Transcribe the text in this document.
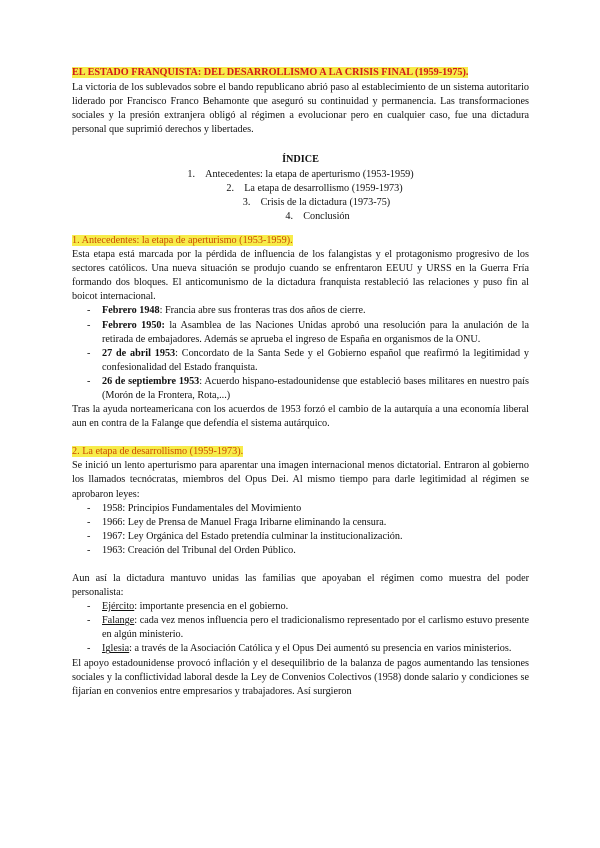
EL ESTADO FRANQUISTA: DEL DESARROLLISMO A LA CRISIS FINAL (1959-1975).

La victoria de los sublevados sobre el bando republicano abrió paso al establecimiento de un sistema autoritario liderado por Francisco Franco Behamonte que aseguró su continuidad y permanencia. Las transformaciones sociales y la presión extranjera obligó al régimen a evolucionar pero en cualquier caso, fue una dictadura personal que suprimió derechos y libertades.

ÍNDICE

1. Antecedentes: la etapa de aperturismo (1953-1959)

2. La etapa de desarrollismo (1959-1973)

3. Crisis de la dictadura (1973-75)

4. Conclusión

1. Antecedentes: la etapa de aperturismo (1953-1959).

Esta etapa está marcada por la pérdida de influencia de los falangistas y el protagonismo progresivo de los sectores católicos. Una nueva situación se produjo cuando se enfrentaron EEUU y URSS en la Guerra Fría formando dos bloques. El anticomunismo de la dictadura franquista restableció las relaciones y puso fin al boicot internacional.

- Febrero 1948: Francia abre sus fronteras tras dos años de cierre.
- Febrero 1950: la Asamblea de las Naciones Unidas aprobó una resolución para la anulación de la retirada de embajadores. Además se aprueba el ingreso de España en organismos de la ONU.
- 27 de abril 1953: Concordato de la Santa Sede y el Gobierno español que reafirmó la legitimidad y confesionalidad del Estado franquista.
- 26 de septiembre 1953: Acuerdo hispano-estadounidense que estableció bases militares en nuestro país (Morón de la Frontera, Rota,...)

Tras la ayuda norteamericana con los acuerdos de 1953 forzó el cambio de la autarquía a una economía liberal aun en contra de la Falange que defendía el sistema autárquico.

2. La etapa de desarrollismo (1959-1973).

Se inició un lento aperturismo para aparentar una imagen internacional menos dictatorial. Entraron al gobierno los llamados tecnócratas, miembros del Opus Dei. Al mismo tiempo para darle legitimidad al régimen se aprobaron leyes:

- 1958: Principios Fundamentales del Movimiento
- 1966: Ley de Prensa de Manuel Fraga Iribarne eliminando la censura.
- 1967: Ley Orgánica del Estado pretendía culminar la institucionalización.
- 1963: Creación del Tribunal del Orden Público.

Aun así la dictadura mantuvo unidas las familias que apoyaban el régimen como muestra del poder personalista:

- Ejército: importante presencia en el gobierno.
- Falange: cada vez menos influencia pero el tradicionalismo representado por el carlismo estuvo presente en algún ministerio.
- Iglesia: a través de la Asociación Católica y el Opus Dei aumentó su presencia en varios ministerios.

El apoyo estadounidense provocó inflación y el desequilibrio de la balanza de pagos aumentando las tensiones sociales y la conflictividad laboral desde la Ley de Convenios Colectivos (1958) donde salario y condiciones se fijarían en convenios entre empresarios y trabajadores. Así surgieron
